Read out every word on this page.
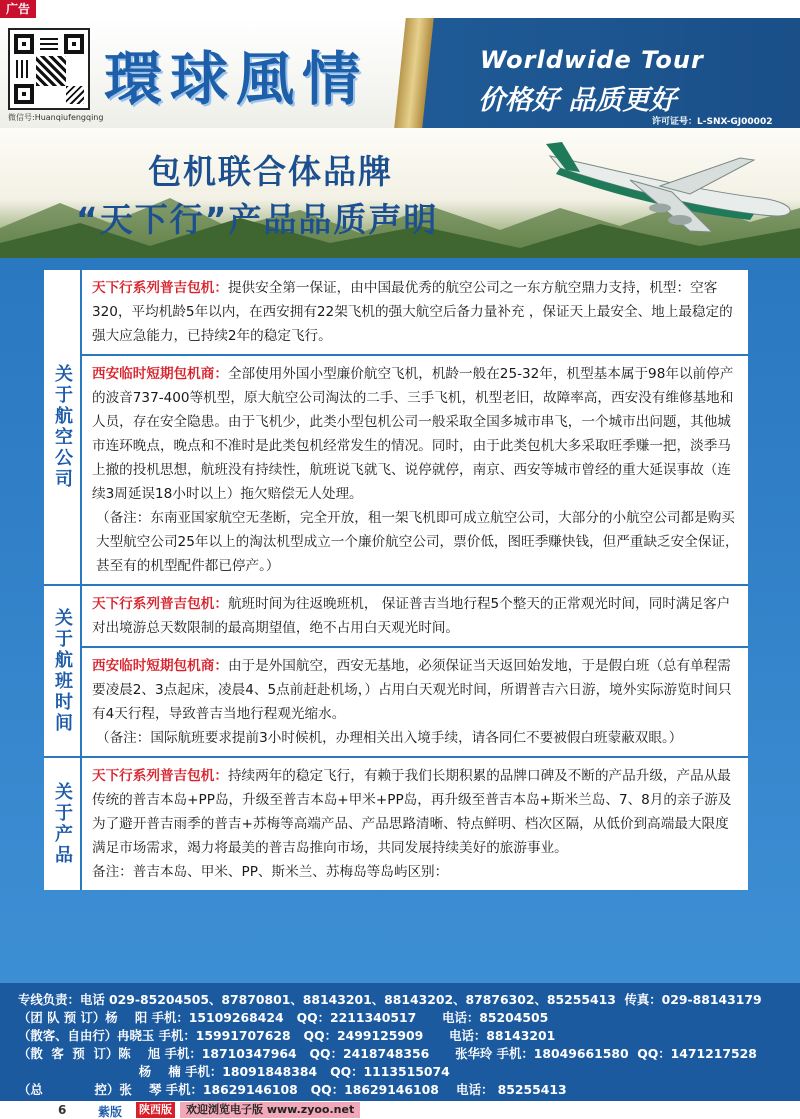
广告
微信号:Huanqiufengqing
環球風情	Worldwide Tour
价格好 品质更好
许可证号：L-SNX-GJ00002
包机联合体品牌
“天下行”产品品质声明
关于航空公司
天下行系列普吉包机：提供安全第一保证，由中国最优秀的航空公司之一东方航空鼎力支持，机型：空客320，平均机龄5年以内，在西安拥有22架飞机的强大航空后备力量补充 ，保证天上最安全、地上最稳定的强大应急能力，已持续2年的稳定飞行。
西安临时短期包机商：全部使用外国小型廉价航空飞机，机龄一般在25-32年，机型基本属于98年以前停产的波音737-400等机型，原大航空公司淘汰的二手、三手飞机，机型老旧，故障率高，西安没有维修基地和人员，存在安全隐患。由于飞机少，此类小型包机公司一般采取全国多城市串飞，一个城市出问题，其他城市连环晚点，晚点和不准时是此类包机经常发生的情况。同时，由于此类包机大多采取旺季赚一把，淡季马上撤的投机思想，航班没有持续性，航班说飞就飞、说停就停，南京、西安等城市曾经的重大延误事故（连续3周延误18小时以上）拖欠赔偿无人处理。
（备注：东南亚国家航空无垄断，完全开放，租一架飞机即可成立航空公司，大部分的小航空公司都是购买大型航空公司25年以上的淘汰机型成立一个廉价航空公司，票价低，图旺季赚快钱，但严重缺乏安全保证，甚至有的机型配件都已停产。）
关于航班时间
天下行系列普吉包机：航班时间为往返晚班机， 保证普吉当地行程5个整天的正常观光时间，同时满足客户对出境游总天数限制的最高期望值，绝不占用白天观光时间。
西安临时短期包机商：由于是外国航空，西安无基地，必须保证当天返回始发地，于是假白班（总有单程需要凌晨2、3点起床，凌晨4、5点前赶赴机场，）占用白天观光时间，所谓普吉六日游，境外实际游览时间只有4天行程，导致普吉当地行程观光缩水。
（备注：国际航班要求提前3小时候机，办理相关出入境手续，请各同仁不要被假白班蒙蔽双眼。）
关于产品
天下行系列普吉包机：持续两年的稳定飞行，有赖于我们长期积累的品牌口碑及不断的产品升级，产品从最传统的普吉本岛+PP岛，升级至普吉本岛+甲米+PP岛，再升级至普吉本岛+斯米兰岛、7、8月的亲子游及为了避开普吉雨季的普吉+苏梅等高端产品、产品思路清晰、特点鲜明、档次区隔，从低价到高端最大限度满足市场需求，竭力将最美的普吉岛推向市场，共同发展持续美好的旅游事业。
备注：普吉本岛、甲米、PP、斯米兰、苏梅岛等岛屿区别：
专线负责：电话 029-85204505、87870801、88143201、88143202、87876302、85255413  传真：029-88143179
（团 队 预 订）杨    阳 手机：15109268424   QQ：2211340517      电话：85204505
（散客、自由行）冉晓玉 手机：15991707628   QQ：2499125909      电话：88143201
（散  客  预  订）陈    旭 手机：18710347964   QQ：2418748356      张华玲 手机：18049661580  QQ：1471217528
杨    楠 手机：18091848384   QQ：1113515074
（总            控）张    琴 手机：18629146108   QQ：18629146108    电话： 85255413
6	紫版 陕西版	欢迎浏览电子版 www.zyoo.net
